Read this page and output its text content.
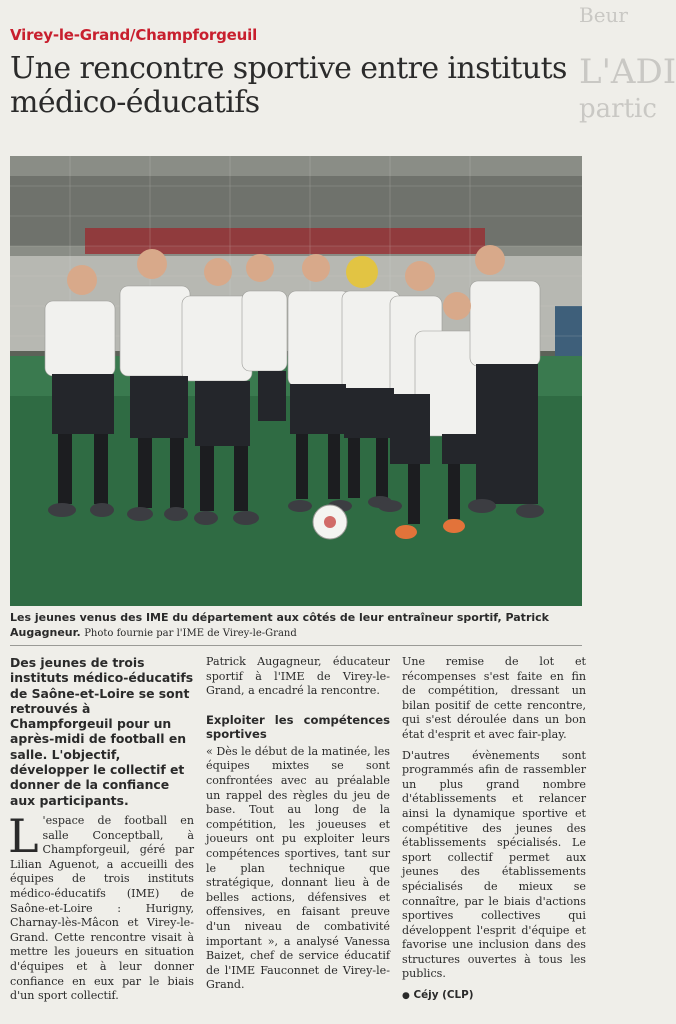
Beur
L'ADI
partic
Virey-le-Grand/Champforgeuil
Une rencontre sportive entre instituts médico-éducatifs
Les jeunes venus des IME du département aux côtés de leur entraîneur sportif, Patrick Augagneur. Photo fournie par l'IME de Virey-le-Grand

Des jeunes de trois instituts médico-éducatifs de Saône-et-Loire se sont retrouvés à Champforgeuil pour un après-midi de football en salle. L'objectif, développer le collectif et donner de la confiance aux participants.

L 'espace de football en salle Conceptball, à Champforgeuil, géré par Lilian Aguenot, a accueilli des équipes de trois instituts médico-éducatifs (IME) de Saône-et-Loire : Hurigny, Charnay-lès-Mâcon et Virey-le-Grand. Cette rencontre visait à mettre les joueurs en situation d'équipes et à leur donner confiance en eux par le biais d'un sport collectif.

Patrick Augagneur, éducateur sportif à l'IME de Virey-le-Grand, a encadré la rencontre.

Exploiter les compétences sportives

« Dès le début de la matinée, les équipes mixtes se sont confrontées avec au préalable un rappel des règles du jeu de base. Tout au long de la compétition, les joueuses et joueurs ont pu exploiter leurs compétences sportives, tant sur le plan technique que stratégique, donnant lieu à de belles actions, défensives et offensives, en faisant preuve d'un niveau de combativité important », a analysé Vanessa Baizet, chef de service éducatif de l'IME Fauconnet de Virey-le-Grand.

Une remise de lot et récompenses s'est faite en fin de compétition, dressant un bilan positif de cette rencontre, qui s'est déroulée dans un bon état d'esprit et avec fair-play.

D'autres évènements sont programmés afin de rassembler un plus grand nombre d'établissements et relancer ainsi la dynamique sportive et compétitive des jeunes des établissements spécialisés. Le sport collectif permet aux jeunes des établissements spécialisés de mieux se connaître, par le biais d'actions sportives collectives qui développent l'esprit d'équipe et favorise une inclusion dans des structures ouvertes à tous les publics.

● Céjy (CLP)
